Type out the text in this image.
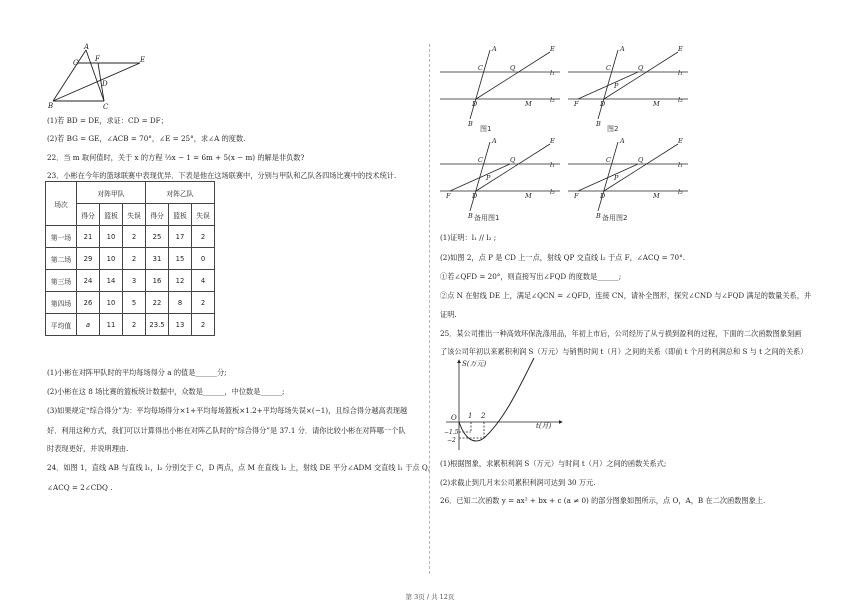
A
G F	E
D
B	C
(1)若 BD = DE，求证：CD = DF；
(2)若 BG = GE，∠ACB = 70°，∠E = 25°，求∠A 的度数.
22．当 m 取何值时，关于 x 的方程 ⅔x − 1 = 6m + 5(x − m) 的解是非负数?
23．小彬在今年的篮球联赛中表现优异．下表是他在这场联赛中，分别与甲队和乙队各四场比赛中的技术统计.
场次	对阵甲队			对阵乙队		
	得分	篮板	失误	得分	篮板	失误
第一场	21	10	2	25	17	2
第二场	29	10	2	31	15	0
第三场	24	14	3	16	12	4
第四场	26	10	5	22	8	2
平均值	a	11	2	23.5	13	2
(1)小彬在对阵甲队时的平均每场得分 a 的值是______分;
(2)小彬在这 8 场比赛的篮板统计数据中，众数是______，中位数是______;
(3)如果规定“综合得分”为：平均每场得分×1+平均每场篮板×1.2+平均每场失误×(−1)，且综合得分越高表现越
好．利用这种方式，我们可以计算得出小彬在对阵乙队时的“综合得分”是 37.1 分．请你比较小彬在对阵哪一个队
时表现更好，并说明理由.
24．如图 1，直线 AB 与直线 l₁，l₂ 分别交于 C，D 两点，点 M 在直线 l₂ 上，射线 DE 平分∠ADM 交直线 l₁ 于点 Q，
∠ACQ = 2∠CDQ .
A
C	Q
E
l₁
D	M	l₂
B
图1
A
C	Q
E
l₁
P
F	D	M	l₂
B
图2
A
C	Q
E
l₁
P
F	D	M	l₂
B 备用图1
A
C	Q
E
l₁
P
F	D	M	l₂
B 备用图2
(1)证明：l₁ // l₂ ;
(2)如图 2，点 P 是 CD 上一点，射线 QP 交直线 l₂ 于点 F，∠ACQ = 70°.
①若∠QFD = 20°，则直接写出∠FQD 的度数是______;
②点 N 在射线 DE 上，满足∠QCN = ∠QFD，连接 CN，请补全图形，探究∠CND 与∠FQD 满足的数量关系，并
证明.
25．某公司推出一种高效环保洗涤用品，年初上市后，公司经历了从亏损到盈利的过程，下面的二次函数图象刻画
了该公司年初以来累积利润 S（万元）与销售时间 t（月）之间的关系（即前 t 个月的利润总和 S 与 t 之间的关系）
S(万元)
t(月)
O 1 2
−1.5
−2
(1)根据图象，求累积利润 S（万元）与时间 t（月）之间的函数关系式;
(2)求截止到几月末公司累积利润可达到 30 万元.
26．已知二次函数 y = ax² + bx + c (a ≠ 0) 的部分图象如图所示，点 O，A，B 在二次函数图象上.
第 3页 / 共 12页
